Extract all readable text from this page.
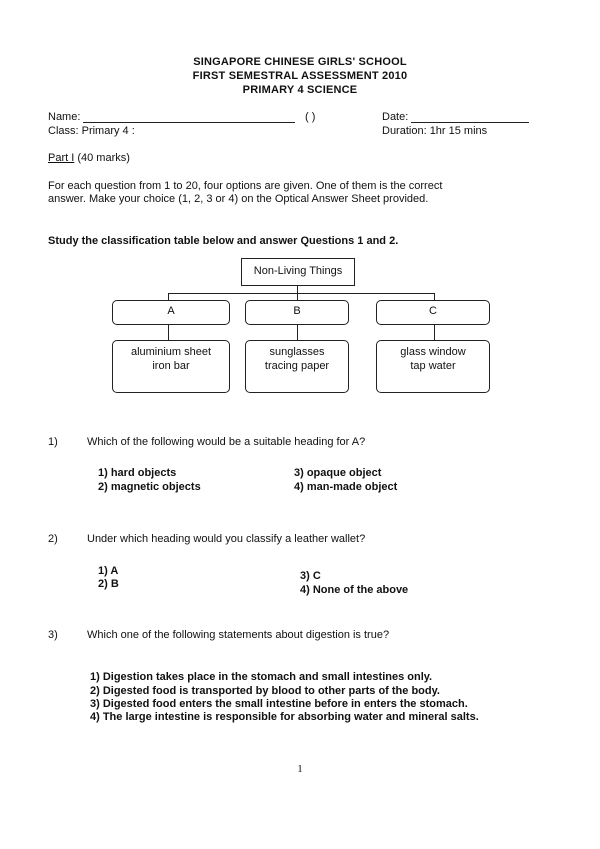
SINGAPORE CHINESE GIRLS' SCHOOL
FIRST SEMESTRAL ASSESSMENT 2010
PRIMARY 4 SCIENCE
Name:	( )	Date:
Class: Primary 4 :	Duration: 1hr 15 mins
Part I (40 marks)
For each question from 1 to 20, four options are given. One of them is the correct
answer. Make your choice (1, 2, 3 or 4) on the Optical Answer Sheet provided.
Study the classification table below and answer Questions 1 and 2.
Non-Living Things
A	B	C
aluminium sheet
iron bar
sunglasses
tracing paper
glass window
tap water
1)	Which of the following would be a suitable heading for A?
1) hard objects	3) opaque object
2) magnetic objects	4) man-made object
2)	Under which heading would you classify a leather wallet?
1) A
2) B
3) C
4) None of the above
3)	Which one of the following statements about digestion is true?
1) Digestion takes place in the stomach and small intestines only.
2) Digested food is transported by blood to other parts of the body.
3) Digested food enters the small intestine before in enters the stomach.
4) The large intestine is responsible for absorbing water and mineral salts.
1
